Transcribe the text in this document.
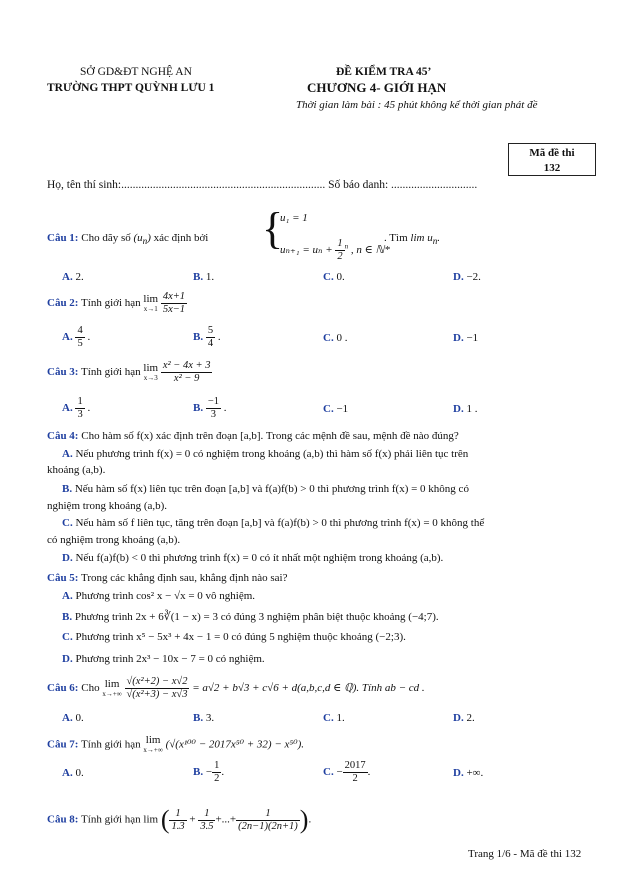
SỞ GD&ĐT NGHỆ AN
TRƯỜNG THPT QUỲNH LƯU 1
ĐỀ KIỂM TRA 45’
CHƯƠNG 4- GIỚI HẠN
Thời gian làm bài : 45 phút không kể thời gian phát đề
Mã đề thi
132
Họ, tên thí sinh:....................................................................... Số báo danh: ..............................
Câu 1: Cho dãy số $(u_n)$ xác định bởi {
u₁ = 1
$u_{n+1} = u_n + \frac{1}{2} ^n$ , n ∈ ℕ*
. Tìm $\lim u_n$.
A. 2.	B. 1.	C. 0.	D. −2.
Câu 2: Tính giới hạn lim
x→1
$\frac{4x+1}{5x-1}$
A. $\frac{4}{5}$ .	B. $\frac{5}{4}$ .	C. 0 .	D. −1
Câu 3: Tính giới hạn lim
x→3
$\frac{\text{x² − 4x + 3}}{\text{x² − 9}}$
A. $\frac{1}{3}$ .	B. $\frac{-1}{3}$ .	C. −1	D. 1 .
Câu 4: Cho hàm số f(x) xác định trên đoạn [a,b]. Trong các mệnh đề sau, mệnh đề nào đúng?
A. Nếu phương trình f(x) = 0 có nghiệm trong khoảng (a,b) thì hàm số f(x) phải liên tục trên
khoảng (a,b).
B. Nếu hàm số f(x) liên tục trên đoạn [a,b] và f(a)f(b) > 0 thì phương trình f(x) = 0 không có
nghiệm trong khoảng (a,b).
C. Nếu hàm số f liên tục, tăng trên đoạn [a,b] và f(a)f(b) > 0 thì phương trình f(x) = 0 không thể
có nghiệm trong khoảng (a,b).
D. Nếu f(a)f(b) < 0 thì phương trình f(x) = 0 có ít nhất một nghiệm trong khoảng (a,b).
Câu 5: Trong các khẳng định sau, khẳng định nào sai?
A. Phương trình cos² x − √x = 0 vô nghiệm.
B. Phương trình 2x + 6∛(1 − x) = 3 có đúng 3 nghiệm phân biệt thuộc khoảng (−4;7).
C. Phương trình x⁵ − 5x³ + 4x − 1 = 0 có đúng 5 nghiệm thuộc khoảng (−2;3).
D. Phương trình 2x³ − 10x − 7 = 0 có nghiệm.
Câu 6: Cho lim
x→+∞
$\frac{\text{√(x²+2) − x√2}}{\text{√(x²+3) − x√3}} = a√2 + b√3 + c√6 + d(a,b,c,d$ ∈ ℚ). Tính ab − cd .
A. 0.	B. 3.	C. 1.	D. 2.
Câu 7: Tính giới hạn lim
x→+∞ (√(x¹⁰⁰ − 2017x⁵⁰ + 32) − x⁵⁰).
A. 0.	B. − $\frac{1}{2}$ .	C. − $\frac{2017}{2}$ .	D. +∞.
Câu 8: Tính giới hạn lim ( $\frac{1}{1.3} + \frac{1}{3.5}$ +...+ $\frac{1}{(2n-1)(2n+1)}$ ).
Trang 1/6 - Mã đề thi 132
